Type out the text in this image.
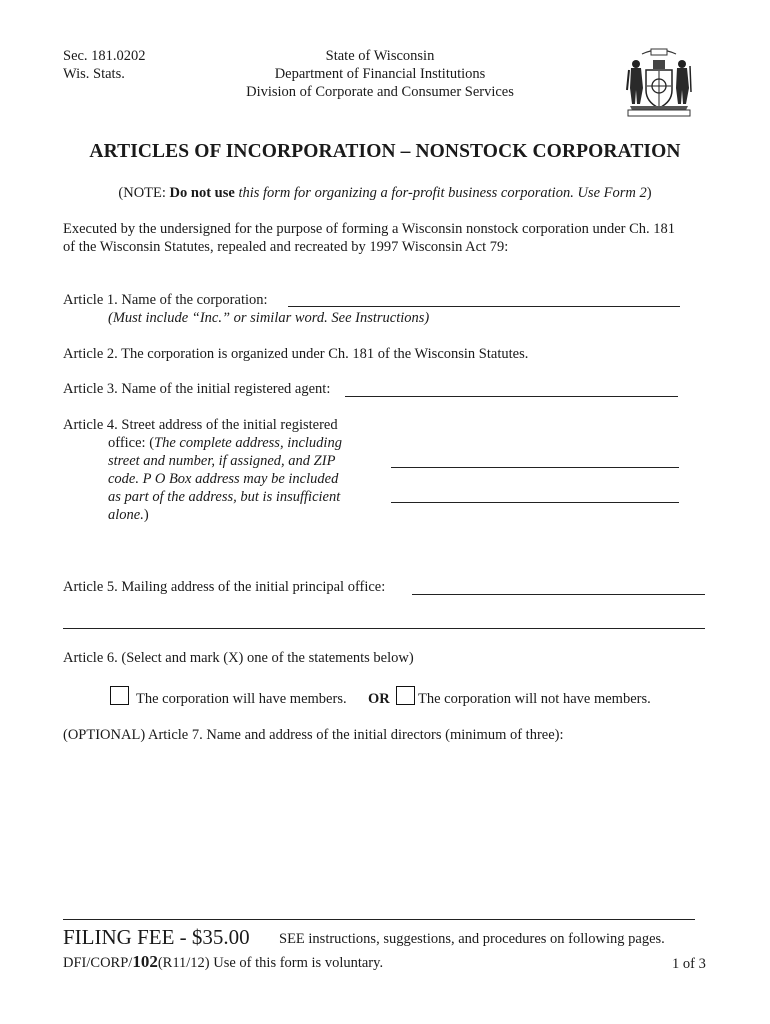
Sec. 181.0202
Wis. Stats.
State of Wisconsin
Department of Financial Institutions
Division of Corporate and Consumer Services
ARTICLES OF INCORPORATION – NONSTOCK CORPORATION
(NOTE: Do not use this form for organizing a for-profit business corporation. Use Form 2)
Executed by the undersigned for the purpose of forming a Wisconsin nonstock corporation under Ch. 181
of the Wisconsin Statutes, repealed and recreated by 1997 Wisconsin Act 79:
Article 1. Name of the corporation:
(Must include “Inc.” or similar word. See Instructions)
Article 2. The corporation is organized under Ch. 181 of the Wisconsin Statutes.
Article 3. Name of the initial registered agent:
Article 4. Street address of the initial registered
office: (The complete address, including
street and number, if assigned, and ZIP
code. P O Box address may be included
as part of the address, but is insufficient
alone.)
Article 5. Mailing address of the initial principal office:
Article 6. (Select and mark (X) one of the statements below)
The corporation will have members. OR The corporation will not have members.
(OPTIONAL) Article 7. Name and address of the initial directors (minimum of three):
FILING FEE - $35.00 SEE instructions, suggestions, and procedures on following pages.
DFI/CORP/102(R11/12) Use of this form is voluntary.	1 of 3
